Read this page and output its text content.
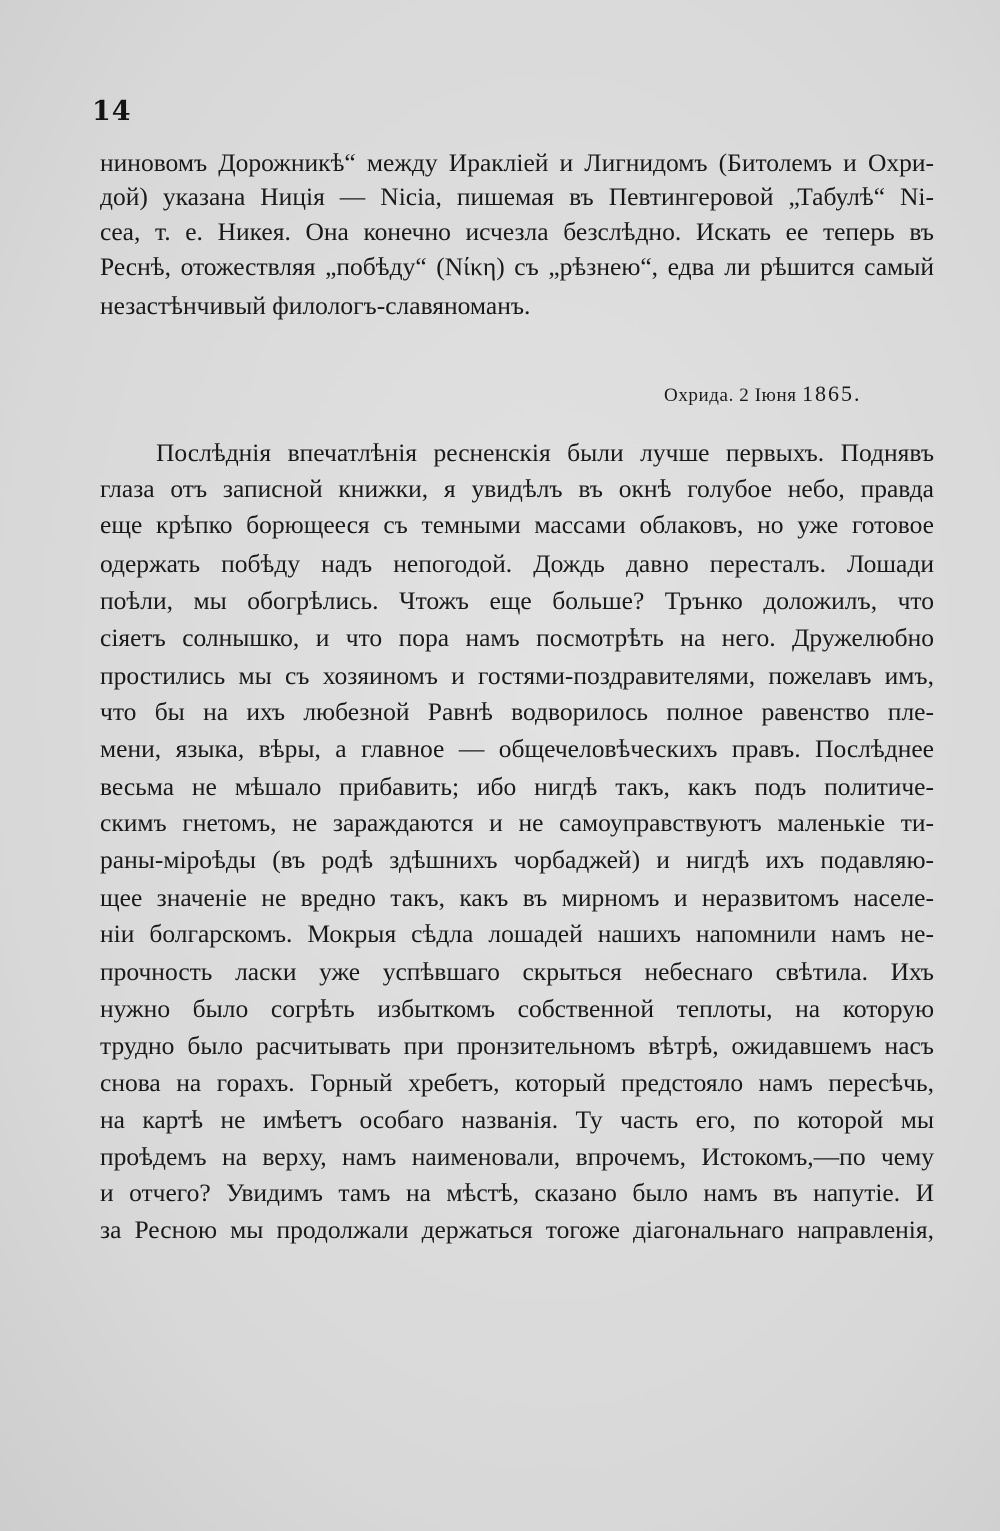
14
ниновомъ Дорожникѣ“ между Ираклiей и Лигнидомъ (Битолемъ и Охри-
дой) указана Ницiя — Nicia, пишемая въ Певтингеровой „Табулѣ“ Ni-
cea, т. е. Никея. Она конечно исчезла безслѣдно. Искать ее теперь въ
Реснѣ, отожествляя „побѣду“ (Νίκη) съ „рѣзнею“, едва ли рѣшится самый
незастѣнчивый филологъ-славяноманъ.
Охрида. 2 Iюня 1865.
Послѣднiя впечатлѣнiя ресненскiя были лучше первыхъ. Поднявъ
глаза отъ записной книжки, я увидѣлъ въ окнѣ голубое небо, правда
еще крѣпко борющееся съ темными массами облаковъ, но уже готовое
одержать побѣду надъ непогодой. Дождь давно пересталъ. Лошади
поѣли, мы обогрѣлись. Чтожъ еще больше? Трънко доложилъ, что
сiяетъ солнышко, и что пора намъ посмотрѣть на него. Дружелюбно
простились мы съ хозяиномъ и гостями-поздравителями, пожелавъ имъ,
что бы на ихъ любезной Равнѣ водворилось полное равенство пле-
мени, языка, вѣры, а главное — общечеловѣческихъ правъ. Послѣднее
весьма не мѣшало прибавить; ибо нигдѣ такъ, какъ подъ политиче-
скимъ гнетомъ, не зараждаются и не самоуправствуютъ маленькiе ти-
раны-мiроѣды (въ родѣ здѣшнихъ чорбаджей) и нигдѣ ихъ подавляю-
щее значенiе не вредно такъ, какъ въ мирномъ и неразвитомъ населе-
нiи болгарскомъ. Мокрыя сѣдла лошадей нашихъ напомнили намъ не-
прочность ласки уже успѣвшаго скрыться небеснаго свѣтила. Ихъ
нужно было согрѣть избыткомъ собственной теплоты, на которую
трудно было расчитывать при пронзительномъ вѣтрѣ, ожидавшемъ насъ
снова на горахъ. Горный хребетъ, который предстояло намъ пересѣчь,
на картѣ не имѣетъ особаго названiя. Ту часть его, по которой мы
проѣдемъ на верху, намъ наименовали, впрочемъ, Истокомъ,—по чему
и отчего? Увидимъ тамъ на мѣстѣ, сказано было намъ въ напутiе. И
за Ресною мы продолжали держаться тогоже дiагональнаго направленiя,
